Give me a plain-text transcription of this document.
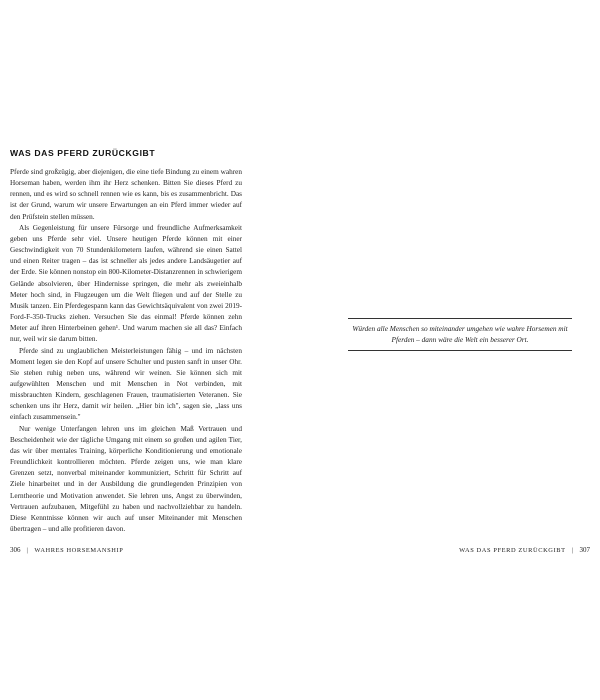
WAS DAS PFERD ZURÜCKGIBT

Pferde sind großzügig, aber diejenigen, die eine tiefe Bindung zu einem wahren Horseman haben, werden ihm ihr Herz schenken. Bitten Sie dieses Pferd zu rennen, und es wird so schnell rennen wie es kann, bis es zusammenbricht. Das ist der Grund, warum wir unsere Erwartungen an ein Pferd immer wieder auf den Prüfstein stellen müssen.

Als Gegenleistung für unsere Fürsorge und freundliche Aufmerksamkeit geben uns Pferde sehr viel. Unsere heutigen Pferde können mit einer Geschwindigkeit von 70 Stundenkilometern laufen, während sie einen Sattel und einen Reiter tragen – das ist schneller als jedes andere Landsäugetier auf der Erde. Sie können nonstop ein 800-Kilometer-Distanzrennen in schwierigem Gelände absolvieren, über Hindernisse springen, die mehr als zweieinhalb Meter hoch sind, in Flugzeugen um die Welt fliegen und auf der Stelle zu Musik tanzen. Ein Pferdegespann kann das Gewichtsäquivalent von zwei 2019-Ford-F-350-Trucks ziehen. Versuchen Sie das einmal! Pferde können zehn Meter auf ihren Hinterbeinen gehen¹. Und warum machen sie all das? Einfach nur, weil wir sie darum bitten.

Pferde sind zu unglaublichen Meisterleistungen fähig – und im nächsten Moment legen sie den Kopf auf unsere Schulter und pusten sanft in unser Ohr. Sie stehen ruhig neben uns, während wir weinen. Sie können sich mit aufgewühlten Menschen und mit Menschen in Not verbinden, mit missbrauchten Kindern, geschlagenen Frauen, traumatisierten Veteranen. Sie schenken uns ihr Herz, damit wir heilen. „Hier bin ich", sagen sie, „lass uns einfach zusammensein."

Nur wenige Unterfangen lehren uns im gleichen Maß Vertrauen und Bescheidenheit wie der tägliche Umgang mit einem so großen und agilen Tier, das wir über mentales Training, körperliche Konditionierung und emotionale Freundlichkeit kontrollieren möchten. Pferde zeigen uns, wie man klare Grenzen setzt, nonverbal miteinander kommuniziert, Schritt für Schritt auf Ziele hinarbeitet und in der Ausbildung die grundlegenden Prinzipien von Lerntheorie und Motivation anwendet. Sie lehren uns, Angst zu überwinden, Vertrauen aufzubauen, Mitgefühl zu haben und nachvollziehbar zu handeln. Diese Kenntnisse können wir auch auf unser Miteinander mit Menschen übertragen – und alle profitieren davon.

306 | WAHRES HORSEMANSHIP
Würden alle Menschen so miteinander umgehen wie wahre Horsemen mit Pferden – dann wäre die Welt ein besserer Ort.
WAS DAS PFERD ZURÜCKGIBT | 307
